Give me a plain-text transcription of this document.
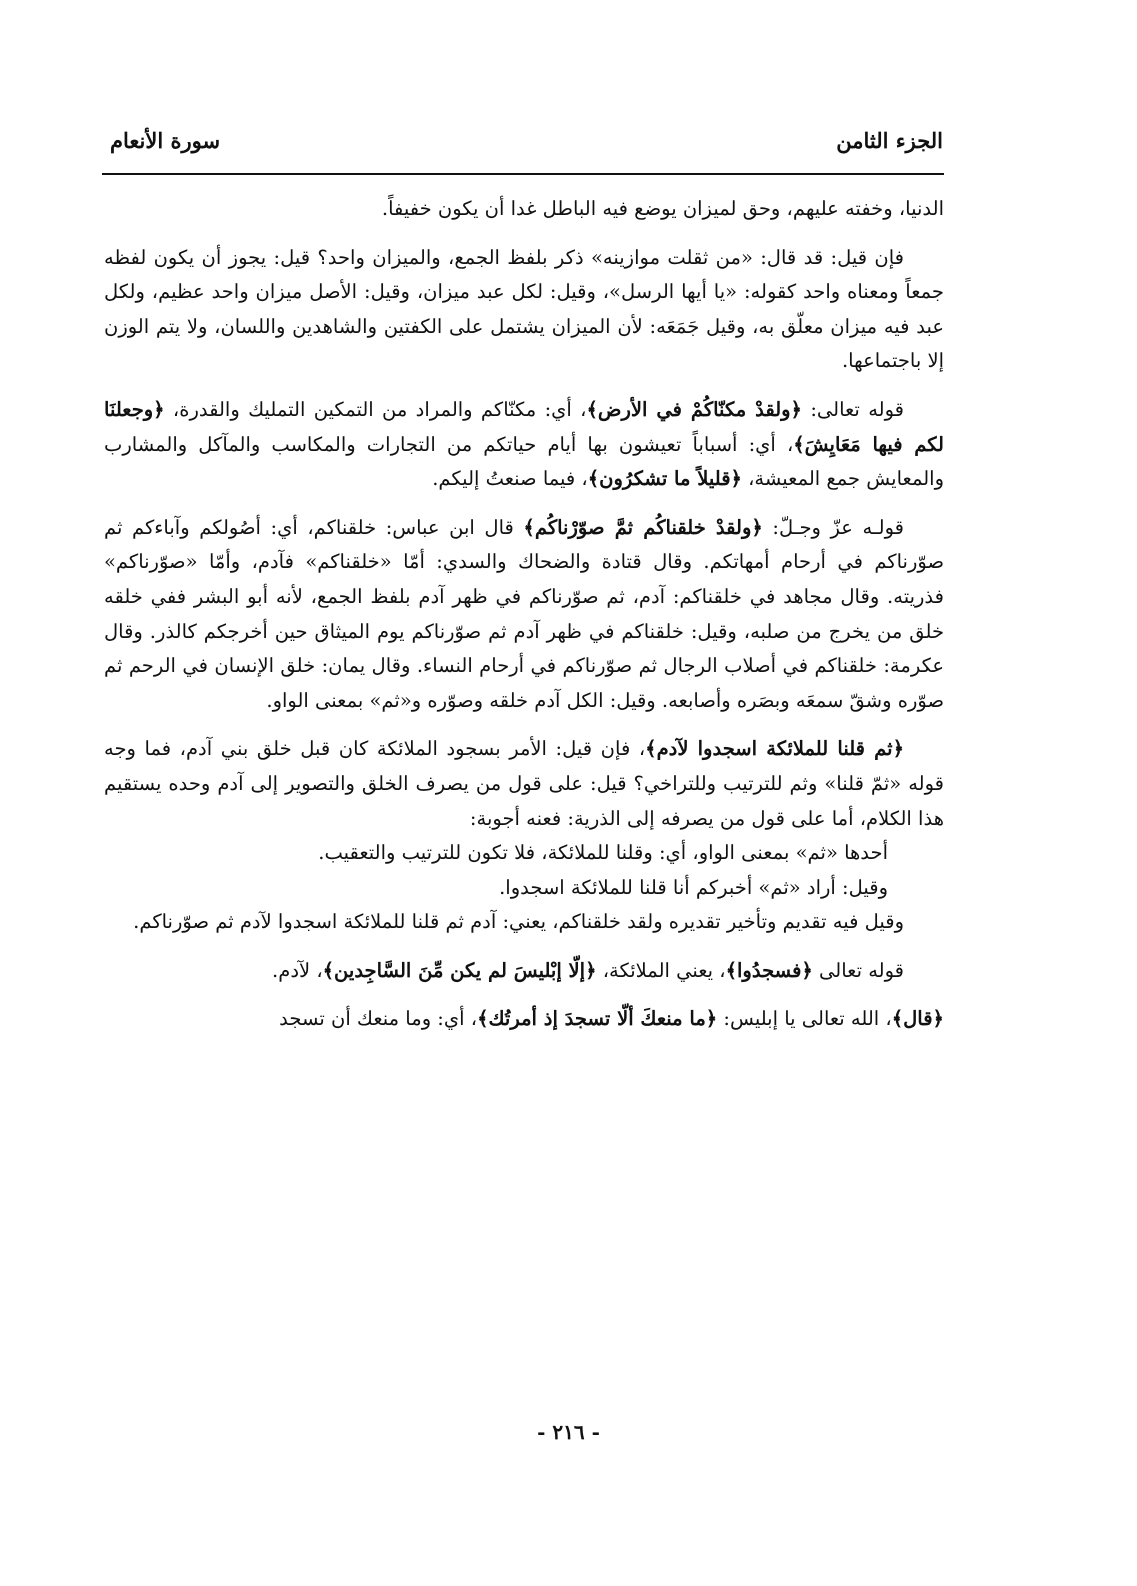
الجزء الثامن
سورة الأنعام

الدنيا، وخفته عليهم، وحق لميزان يوضع فيه الباطل غدا أن يكون خفيفاً.

فإن قيل: قد قال: «من ثقلت موازينه» ذكر بلفظ الجمع، والميزان واحد؟ قيل: يجوز أن يكون لفظه جمعاً ومعناه واحد كقوله: «يا أيها الرسل»، وقيل: لكل عبد ميزان، وقيل: الأصل ميزان واحد عظيم، ولكل عبد فيه ميزان معلّق به، وقيل جَمَعَه: لأن الميزان يشتمل على الكفتين والشاهدين واللسان، ولا يتم الوزن إلا باجتماعها.

قوله تعالى: ﴿ولقدْ مكنّاكُمْ في الأرض﴾، أي: مكنّاكم والمراد من التمكين التمليك والقدرة، ﴿وجعلنَا لكم فيها مَعَايِشَ﴾، أي: أسباباً تعيشون بها أيام حياتكم من التجارات والمكاسب والمآكل والمشارب والمعايش جمع المعيشة، ﴿قليلاً ما تشكرُون﴾، فيما صنعتُ إليكم.

قولـه عزّ وجـلّ: ﴿ولقدْ خلقناكُم ثمَّ صوّرْناكُم﴾ قال ابن عباس: خلقناكم، أي: أصُولكم وآباءكم ثم صوّرناكم في أرحام أمهاتكم. وقال قتادة والضحاك والسدي: أمّا «خلقناكم» فآدم، وأمّا «صوّرناكم» فذريته. وقال مجاهد في خلقناكم: آدم، ثم صوّرناكم في ظهر آدم بلفظ الجمع، لأنه أبو البشر ففي خلقه خلق من يخرج من صلبه، وقيل: خلقناكم في ظهر آدم ثم صوّرناكم يوم الميثاق حين أخرجكم كالذر. وقال عكرمة: خلقناكم في أصلاب الرجال ثم صوّرناكم في أرحام النساء. وقال يمان: خلق الإنسان في الرحم ثم صوّره وشقّ سمعَه وبصَره وأصابعه. وقيل: الكل آدم خلقه وصوّره و«ثم» بمعنى الواو.

﴿ثم قلنا للملائكة اسجدوا لآدم﴾، فإن قيل: الأمر بسجود الملائكة كان قبل خلق بني آدم، فما وجه قوله «ثمّ قلنا» وثم للترتيب وللتراخي؟ قيل: على قول من يصرف الخلق والتصوير إلى آدم وحده يستقيم هذا الكلام، أما على قول من يصرفه إلى الذرية: فعنه أجوبة:

أحدها «ثم» بمعنى الواو، أي: وقلنا للملائكة، فلا تكون للترتيب والتعقيب.

وقيل: أراد «ثم» أخبركم أنا قلنا للملائكة اسجدوا.

وقيل فيه تقديم وتأخير تقديره ولقد خلقناكم، يعني: آدم ثم قلنا للملائكة اسجدوا لآدم ثم صوّرناكم.

قوله تعالى ﴿فسجدُوا﴾، يعني الملائكة، ﴿إلّا إبْليسَ لم يكن مِّنَ السَّاجِدين﴾، لآدم.

﴿قال﴾، الله تعالى يا إبليس: ﴿ما منعكَ ألّا تسجدَ إذ أمرتُك﴾، أي: وما منعك أن تسجد

- ٢١٦ -
